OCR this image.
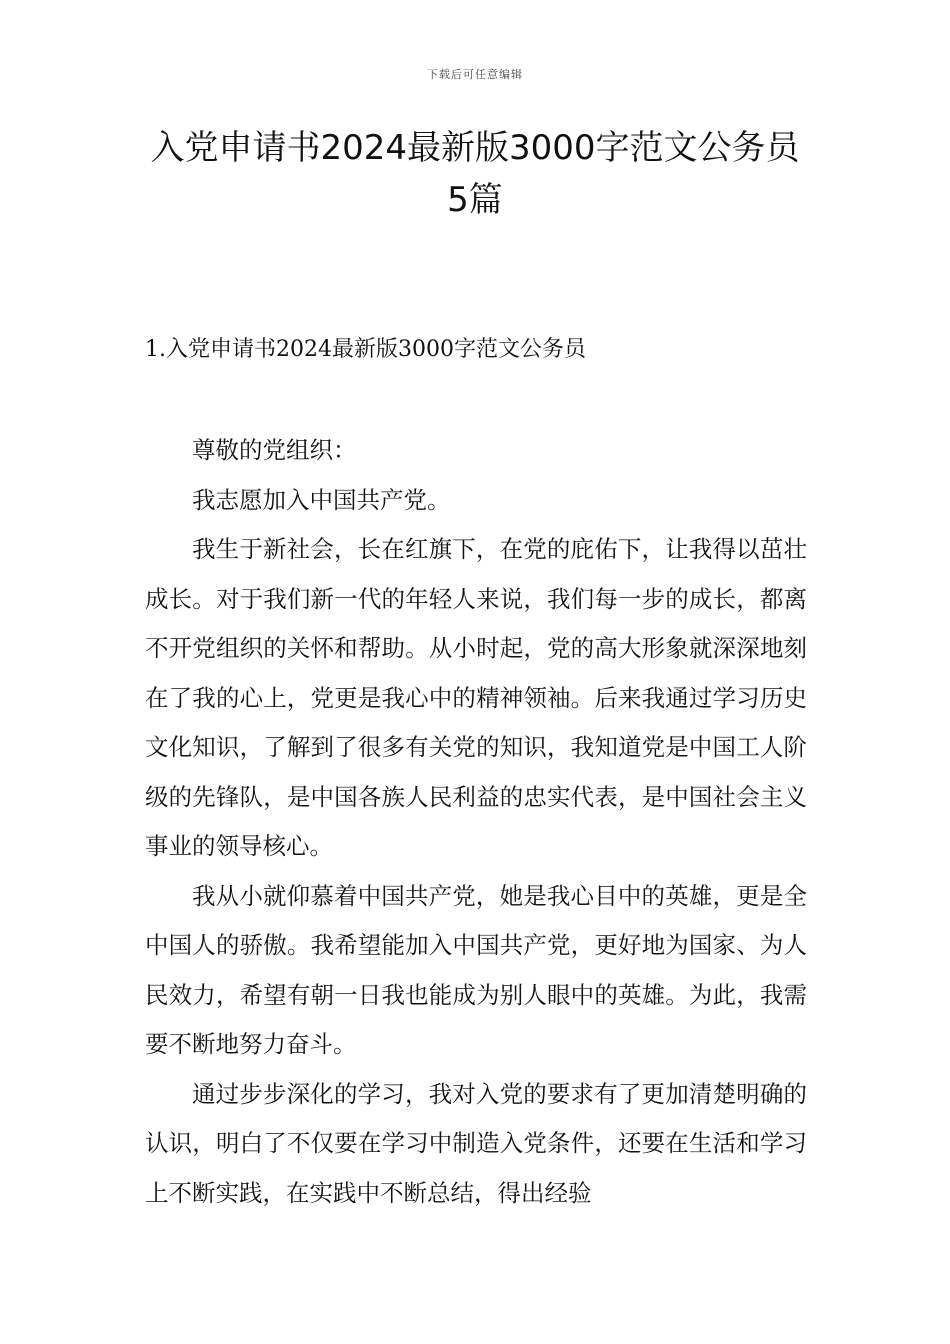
下载后可任意编辑
入党申请书2024最新版3000字范文公务员5篇
1.入党申请书2024最新版3000字范文公务员

尊敬的党组织：

我志愿加入中国共产党。

我生于新社会，长在红旗下，在党的庇佑下，让我得以茁壮成长。对于我们新一代的年轻人来说，我们每一步的成长，都离不开党组织的关怀和帮助。从小时起，党的高大形象就深深地刻在了我的心上，党更是我心中的精神领袖。后来我通过学习历史文化知识，了解到了很多有关党的知识，我知道党是中国工人阶级的先锋队，是中国各族人民利益的忠实代表，是中国社会主义事业的领导核心。

我从小就仰慕着中国共产党，她是我心目中的英雄，更是全中国人的骄傲。我希望能加入中国共产党，更好地为国家、为人民效力，希望有朝一日我也能成为别人眼中的英雄。为此，我需要不断地努力奋斗。

通过步步深化的学习，我对入党的要求有了更加清楚明确的认识，明白了不仅要在学习中制造入党条件，还要在生活和学习上不断实践，在实践中不断总结，得出经验
